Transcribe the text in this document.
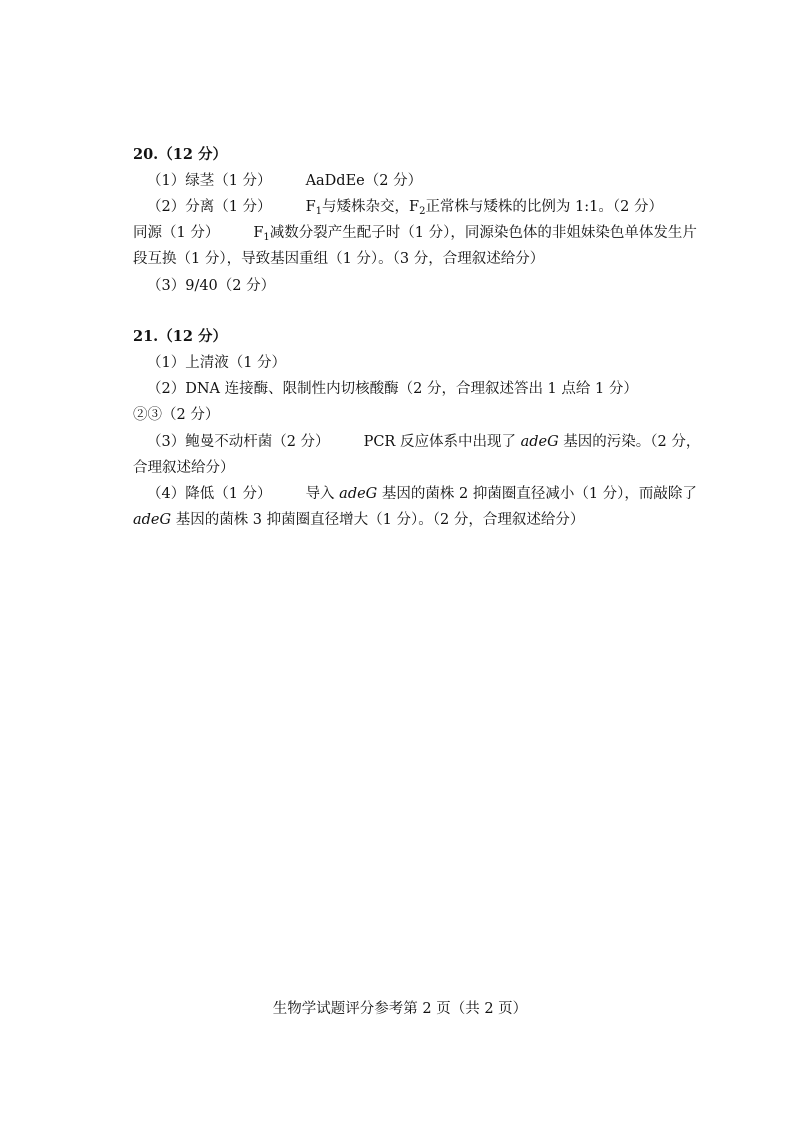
20.（12 分）
（1）绿茎（1 分） AaDdEe（2 分）
（2）分离（1 分） $F_1$与矮株杂交，$F_2$正常株与矮株的比例为 1:1。（2 分）
同源（1 分） $F_1$减数分裂产生配子时（1 分），同源染色体的非姐妹染色单体发生片
段互换（1 分），导致基因重组（1 分）。（3 分，合理叙述给分）
（3）9/40（2 分）
21.（12 分）
（1）上清液（1 分）
（2）DNA 连接酶、限制性内切核酸酶（2 分，合理叙述答出 1 点给 1 分）
②③（2 分）
（3）鲍曼不动杆菌（2 分） PCR 反应体系中出现了 adeG 基因的污染。（2 分，
合理叙述给分）
（4）降低（1 分） 导入 adeG 基因的菌株 2 抑菌圈直径减小（1 分），而敲除了
adeG 基因的菌株 3 抑菌圈直径增大（1 分）。（2 分，合理叙述给分）
生物学试题评分参考第 2 页（共 2 页）
